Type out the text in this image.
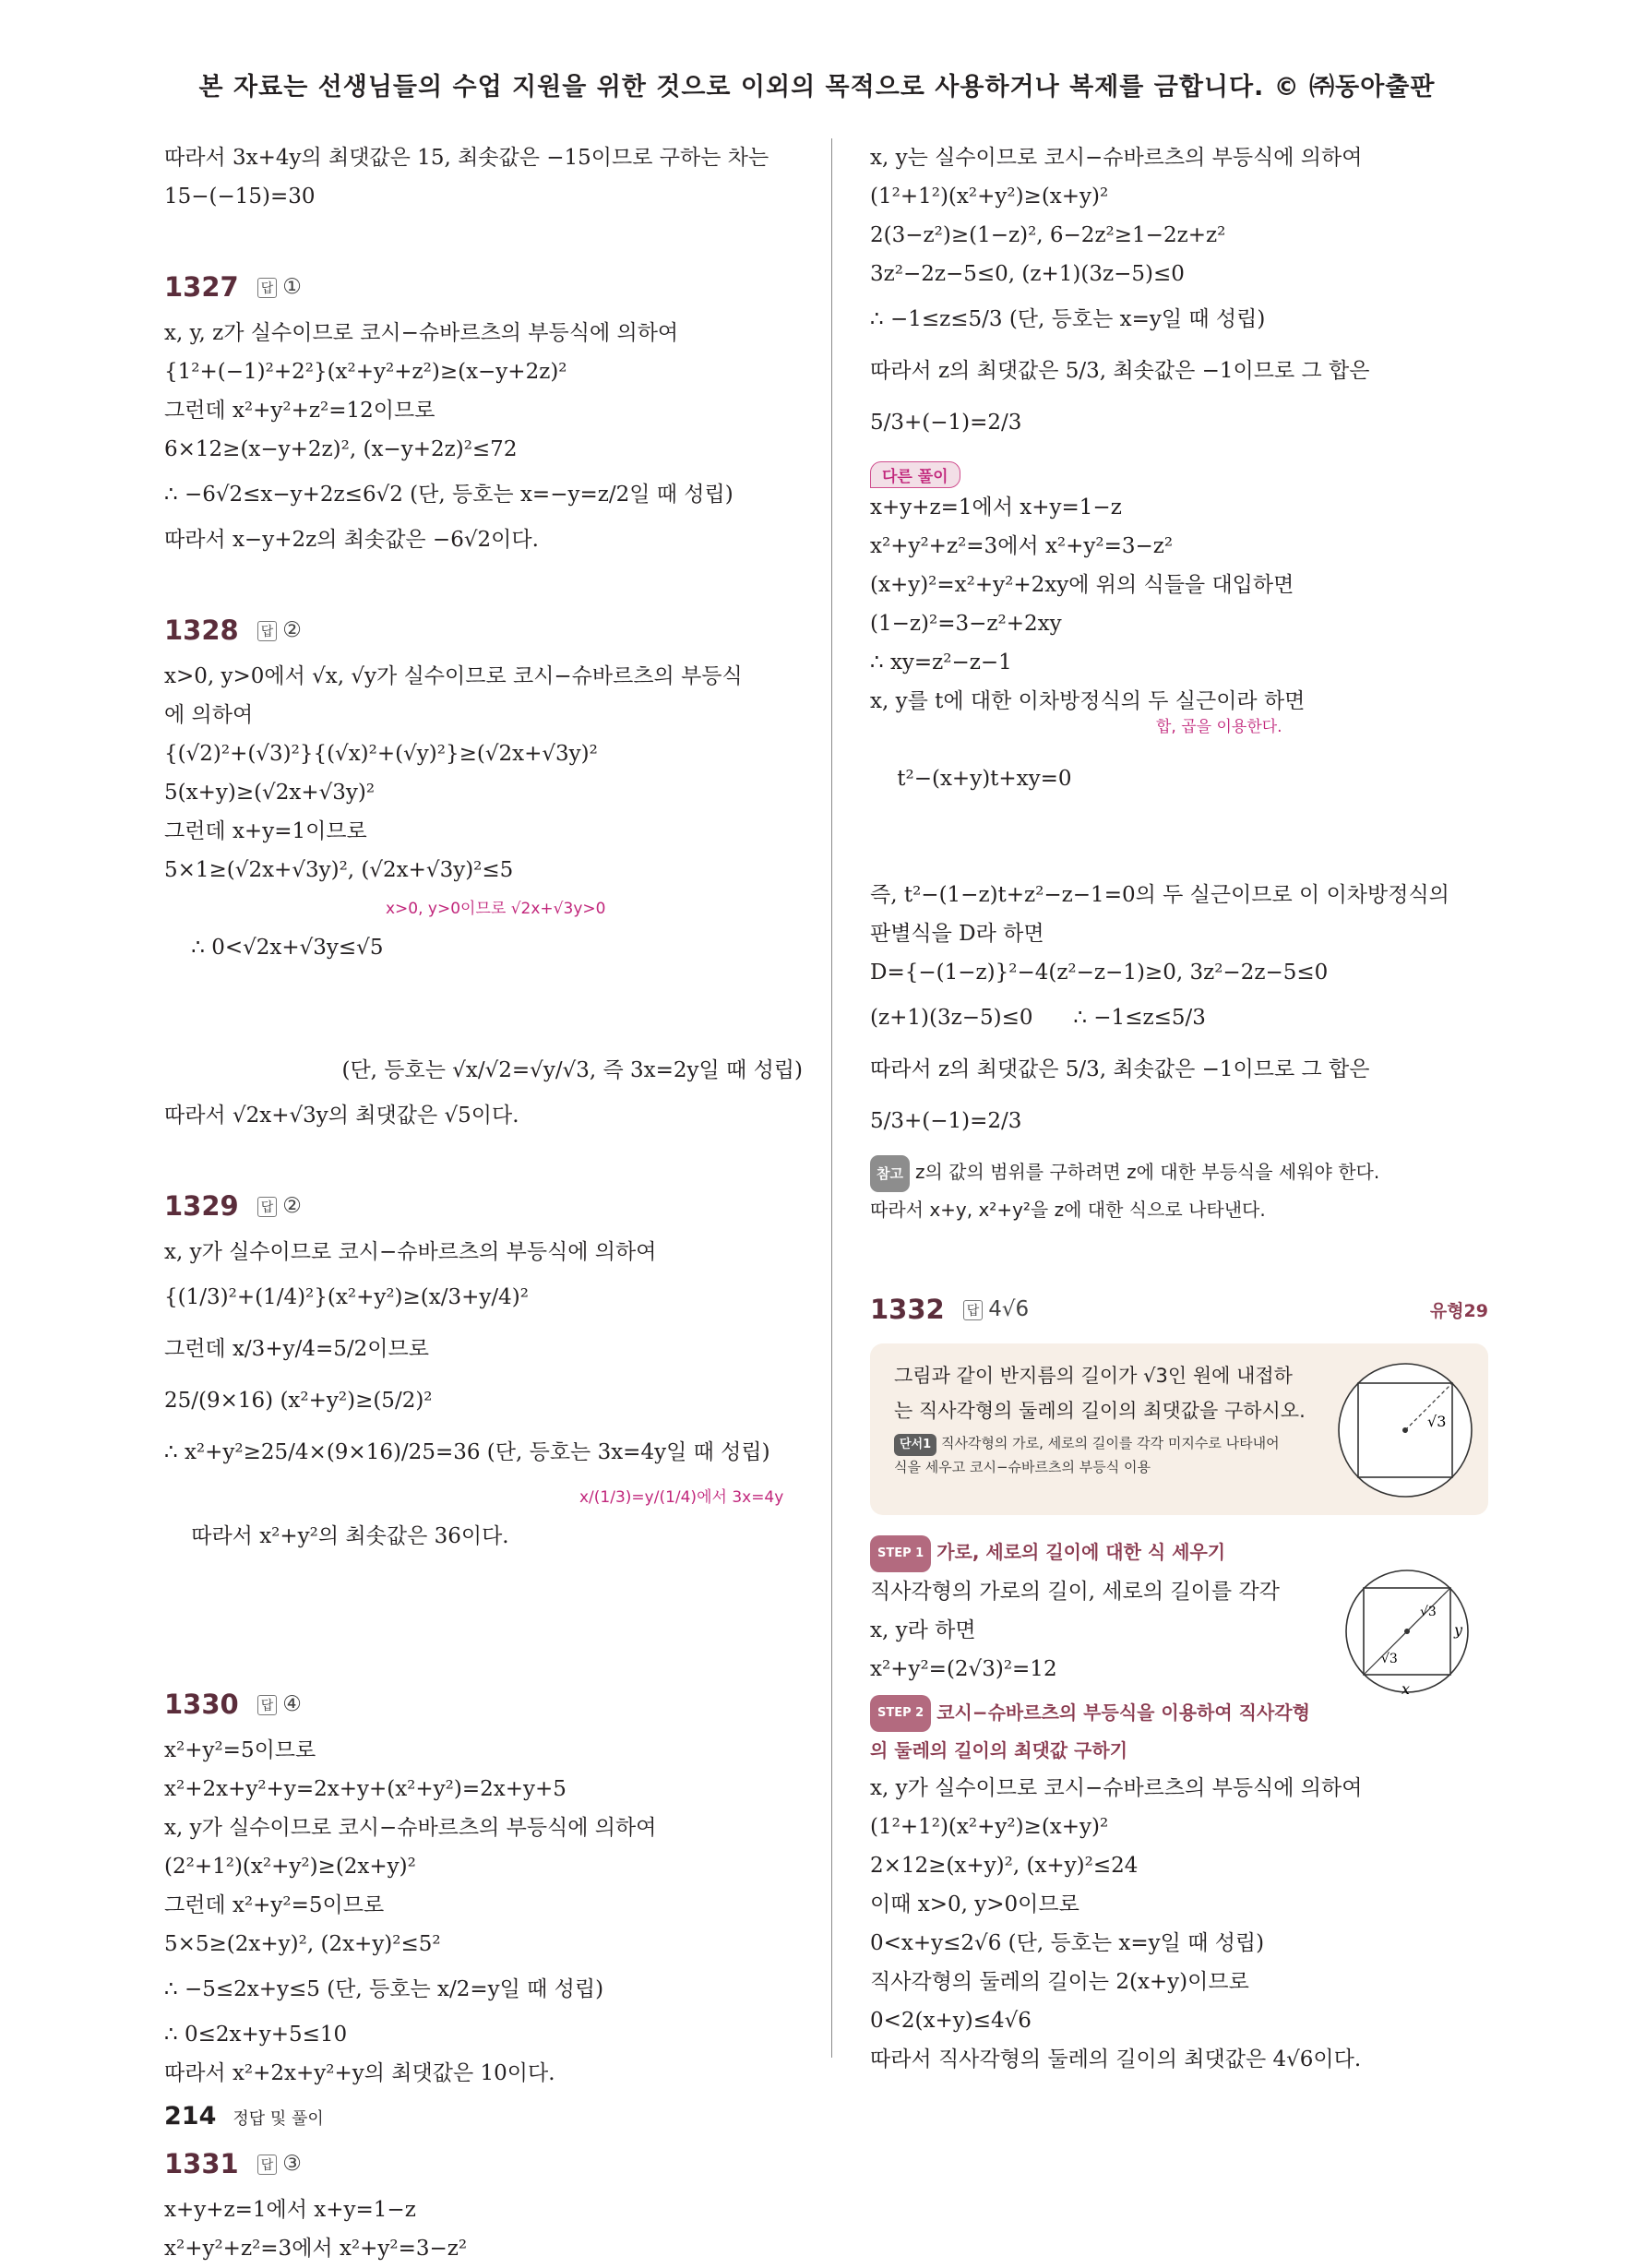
본 자료는 선생님들의 수업 지원을 위한 것으로 이외의 목적으로 사용하거나 복제를 금합니다. © ㈜동아출판
따라서 3x+4y의 최댓값은 15, 최솟값은 −15이므로 구하는 차는
15−(−15)=30
1327 답 ①
x, y, z가 실수이므로 코시−슈바르츠의 부등식에 의하여
{1²+(−1)²+2²}(x²+y²+z²)≥(x−y+2z)²
그런데 x²+y²+z²=12이므로
6×12≥(x−y+2z)², (x−y+2z)²≤72
∴ −6√2≤x−y+2z≤6√2 (단, 등호는 x=−y=z/2일 때 성립)
따라서 x−y+2z의 최솟값은 −6√2이다.
1328 답 ②
x>0, y>0에서 √x, √y가 실수이므로 코시−슈바르츠의 부등식
에 의하여
{(√2)²+(√3)²}{(√x)²+(√y)²}≥(√2x+√3y)²
5(x+y)≥(√2x+√3y)²
그런데 x+y=1이므로
5×1≥(√2x+√3y)², (√2x+√3y)²≤5

∴ 0<√2x+√3y≤√5

x>0, y>0이므로 √2x+√3y>0

(단, 등호는 √x/√2=√y/√3, 즉 3x=2y일 때 성립)
따라서 √2x+√3y의 최댓값은 √5이다.
1329 답 ②
x, y가 실수이므로 코시−슈바르츠의 부등식에 의하여
{(1/3)²+(1/4)²}(x²+y²)≥(x/3+y/4)²
그런데 x/3+y/4=5/2이므로
25/(9×16) (x²+y²)≥(5/2)²
∴ x²+y²≥25/4×(9×16)/25=36 (단, 등호는 3x=4y일 때 성립)

따라서 x²+y²의 최솟값은 36이다.

x/(1/3)=y/(1/4)에서 3x=4y

1330 답 ④
x²+y²=5이므로
x²+2x+y²+y=2x+y+(x²+y²)=2x+y+5
x, y가 실수이므로 코시−슈바르츠의 부등식에 의하여
(2²+1²)(x²+y²)≥(2x+y)²
그런데 x²+y²=5이므로
5×5≥(2x+y)², (2x+y)²≤5²
∴ −5≤2x+y≤5 (단, 등호는 x/2=y일 때 성립)
∴ 0≤2x+y+5≤10
따라서 x²+2x+y²+y의 최댓값은 10이다.
1331 답 ③
x+y+z=1에서 x+y=1−z
x²+y²+z²=3에서 x²+y²=3−z²
x, y는 실수이므로 코시−슈바르츠의 부등식에 의하여
(1²+1²)(x²+y²)≥(x+y)²
2(3−z²)≥(1−z)², 6−2z²≥1−2z+z²
3z²−2z−5≤0, (z+1)(3z−5)≤0
∴ −1≤z≤5/3 (단, 등호는 x=y일 때 성립)
따라서 z의 최댓값은 5/3, 최솟값은 −1이므로 그 합은
5/3+(−1)=2/3
다른 풀이
x+y+z=1에서 x+y=1−z
x²+y²+z²=3에서 x²+y²=3−z²
(x+y)²=x²+y²+2xy에 위의 식들을 대입하면
(1−z)²=3−z²+2xy
∴ xy=z²−z−1
x, y를 t에 대한 이차방정식의 두 실근이라 하면

t²−(x+y)t+xy=0

합, 곱을 이용한다.

즉, t²−(1−z)t+z²−z−1=0의 두 실근이므로 이 이차방정식의
판별식을 D라 하면
D={−(1−z)}²−4(z²−z−1)≥0, 3z²−2z−5≤0
(z+1)(3z−5)≤0      ∴ −1≤z≤5/3
따라서 z의 최댓값은 5/3, 최솟값은 −1이므로 그 합은
5/3+(−1)=2/3
참고 z의 값의 범위를 구하려면 z에 대한 부등식을 세워야 한다.
따라서 x+y, x²+y²을 z에 대한 식으로 나타낸다.
1332 답 4√6	유형29
그림과 같이 반지름의 길이가 √3인 원에 내접하
는 직사각형의 둘레의 길이의 최댓값을 구하시오.
단서1 직사각형의 가로, 세로의 길이를 각각 미지수로 나타내어
식을 세우고 코시−슈바르츠의 부등식 이용
√3
STEP 1 가로, 세로의 길이에 대한 식 세우기
직사각형의 가로의 길이, 세로의 길이를 각각
x, y라 하면
x²+y²=(2√3)²=12
√3
√3
y
x
STEP 2 코시−슈바르츠의 부등식을 이용하여 직사각형
의 둘레의 길이의 최댓값 구하기
x, y가 실수이므로 코시−슈바르츠의 부등식에 의하여
(1²+1²)(x²+y²)≥(x+y)²
2×12≥(x+y)², (x+y)²≤24
이때 x>0, y>0이므로
0<x+y≤2√6 (단, 등호는 x=y일 때 성립)
직사각형의 둘레의 길이는 2(x+y)이므로
0<2(x+y)≤4√6
따라서 직사각형의 둘레의 길이의 최댓값은 4√6이다.
214 정답 및 풀이
